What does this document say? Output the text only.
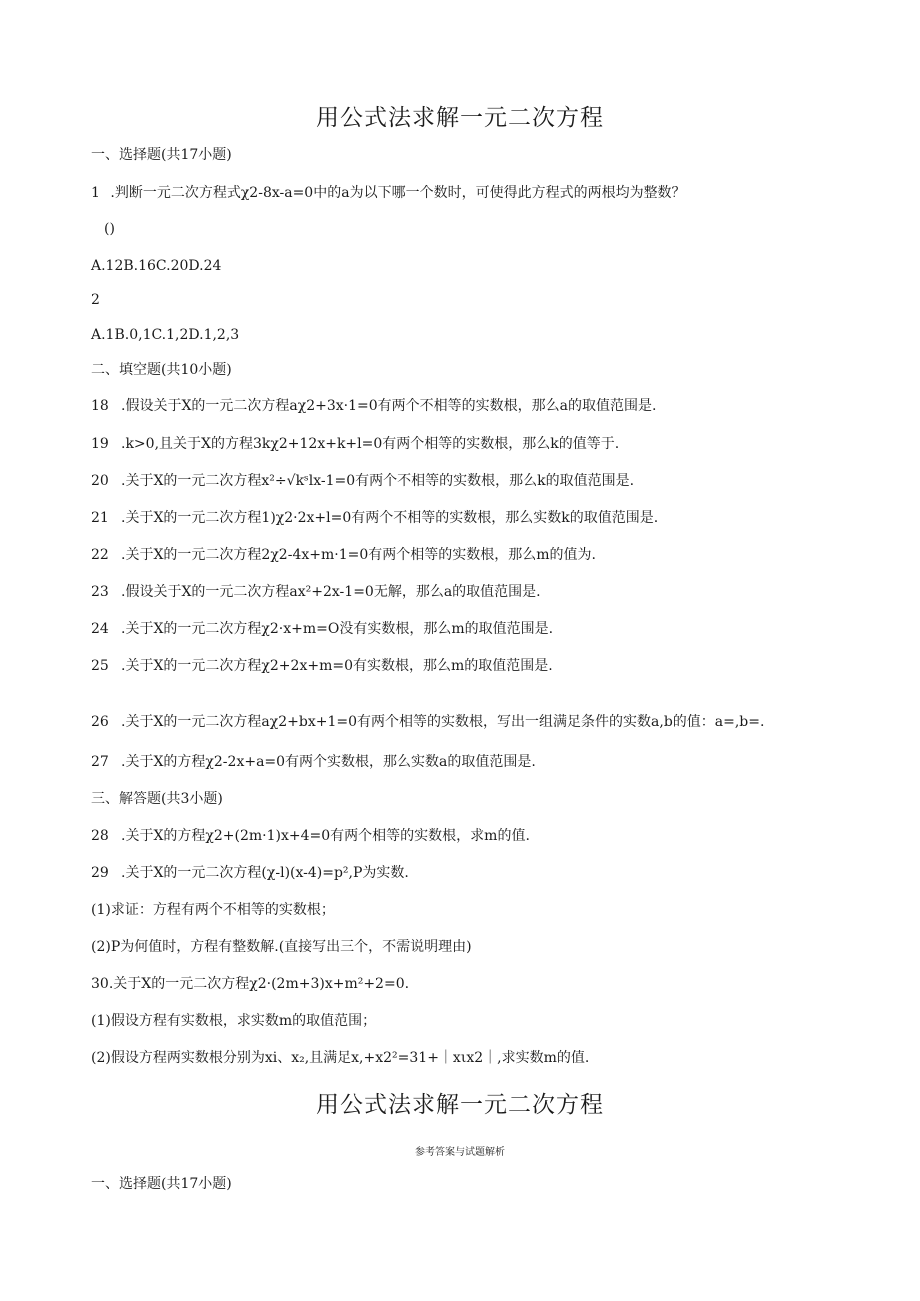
用公式法求解一元二次方程
一、选择题(共17小题)
1 .判断一元二次方程式χ2-8x-a=0中的a为以下哪一个数时，可使得此方程式的两根均为整数？
()
A.12B.16C.20D.24
2
A.1B.0,1C.1,2D.1,2,3
二、填空题(共10小题)
18 .假设关于X的一元二次方程aχ2+3x·1=0有两个不相等的实数根，那么a的取值范围是.
19 .k>0,且关于X的方程3kχ2+12x+k+l=0有两个相等的实数根，那么k的值等于.
20 .关于X的一元二次方程x²÷√kˢlx-1=0有两个不相等的实数根，那么k的取值范围是.
21 .关于X的一元二次方程1)χ2·2x+l=0有两个不相等的实数根，那么实数k的取值范围是.
22 .关于X的一元二次方程2χ2-4x+m·1=0有两个相等的实数根，那么m的值为.
23 .假设关于X的一元二次方程ax²+2x-1=0无解，那么a的取值范围是.
24 .关于X的一元二次方程χ2·x+m=O没有实数根，那么m的取值范围是.
25 .关于X的一元二次方程χ2+2x+m=0有实数根，那么m的取值范围是.
26 .关于X的一元二次方程aχ2+bx+1=0有两个相等的实数根，写出一组满足条件的实数a,b的值：a=,b=.
27 .关于X的方程χ2-2x+a=0有两个实数根，那么实数a的取值范围是.
三、解答题(共3小题)
28 .关于X的方程χ2+(2m·1)x+4=0有两个相等的实数根，求m的值.
29 .关于X的一元二次方程(χ-l)(x-4)=p²,P为实数.
(1)求证：方程有两个不相等的实数根；
(2)P为何值时，方程有整数解.(直接写出三个，不需说明理由)
30.关于X的一元二次方程χ2·(2m+3)x+m²+2=0.
(1)假设方程有实数根，求实数m的取值范围；
(2)假设方程两实数根分别为xi、x₂,且满足x,+x2²=31+｜xιx2｜,求实数m的值.
用公式法求解一元二次方程
参考答案与试题解析
一、选择题(共17小题)
